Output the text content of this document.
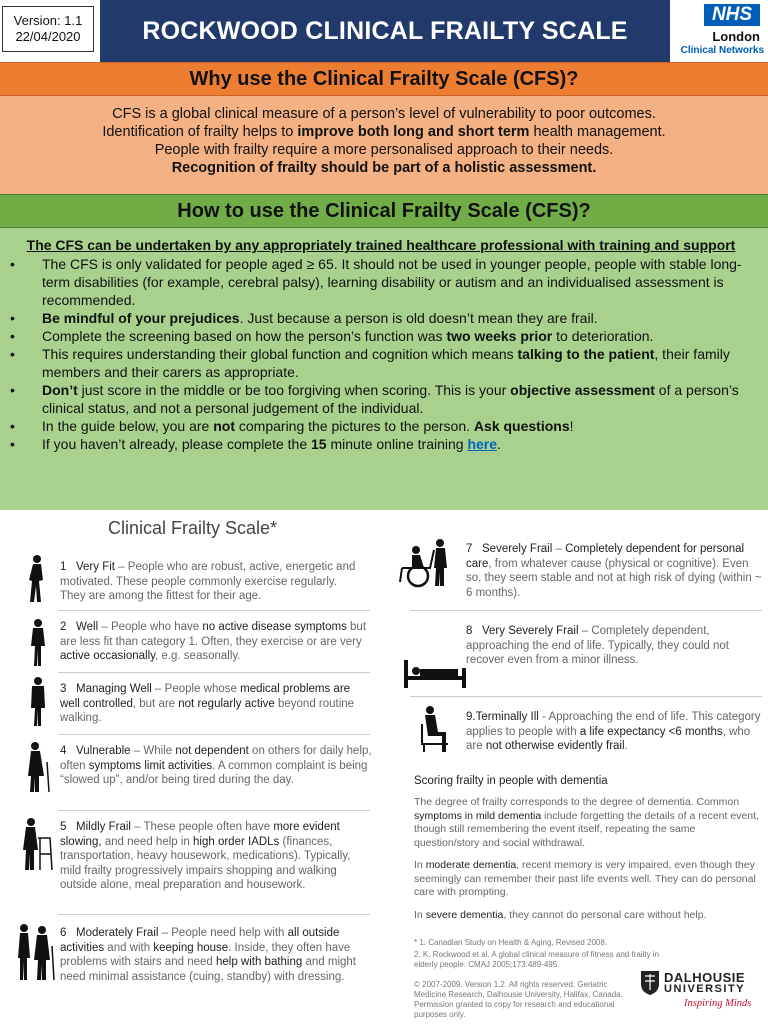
Version: 1.1
22/04/2020	ROCKWOOD CLINICAL FRAILTY SCALE
NHS
London
Clinical Networks
Why use the Clinical Frailty Scale (CFS)?
CFS is a global clinical measure of a person’s level of vulnerability to poor outcomes.
Identification of frailty helps to improve both long and short term health management.
People with frailty require a more personalised approach to their needs.
Recognition of frailty should be part of a holistic assessment.
How to use the Clinical Frailty Scale (CFS)?
The CFS can be undertaken by any appropriately trained healthcare professional with training and support
• The CFS is only validated for people aged ≥ 65. It should not be used in younger people, people with stable long-term disabilities (for example, cerebral palsy), learning disability or autism and an individualised assessment is recommended.
• Be mindful of your prejudices. Just because a person is old doesn’t mean they are frail.
• Complete the screening based on how the person’s function was two weeks prior to deterioration.
• This requires understanding their global function and cognition which means talking to the patient, their family members and their carers as appropriate.
• Don’t just score in the middle or be too forgiving when scoring. This is your objective assessment of a person’s clinical status, and not a personal judgement of the individual.
• In the guide below, you are not comparing the pictures to the person. Ask questions!
• If you haven’t already, please complete the 15 minute online training here.
Clinical Frailty Scale*
1 Very Fit – People who are robust, active, energetic and motivated. These people commonly exercise regularly. They are among the fittest for their age.
2 Well – People who have no active disease symptoms but are less fit than category 1. Often, they exercise or are very active occasionally, e.g. seasonally.
3 Managing Well – People whose medical problems are well controlled, but are not regularly active beyond routine walking.
4 Vulnerable – While not dependent on others for daily help, often symptoms limit activities. A common complaint is being “slowed up”, and/or being tired during the day.
5 Mildly Frail – These people often have more evident slowing, and need help in high order IADLs (finances, transportation, heavy housework, medications). Typically, mild frailty progressively impairs shopping and walking outside alone, meal preparation and housework.
6 Moderately Frail – People need help with all outside activities and with keeping house. Inside, they often have problems with stairs and need help with bathing and might need minimal assistance (cuing, standby) with dressing.
7 Severely Frail – Completely dependent for personal care, from whatever cause (physical or cognitive). Even so, they seem stable and not at high risk of dying (within ~ 6 months).
8 Very Severely Frail – Completely dependent, approaching the end of life. Typically, they could not recover even from a minor illness.
9.Terminally Ill - Approaching the end of life. This category applies to people with a life expectancy <6 months, who are not otherwise evidently frail.
Scoring frailty in people with dementia
The degree of frailty corresponds to the degree of dementia. Common symptoms in mild dementia include forgetting the details of a recent event, though still remembering the event itself, repeating the same question/story and social withdrawal.
In moderate dementia, recent memory is very impaired, even though they seemingly can remember their past life events well. They can do personal care with prompting.
In severe dementia, they cannot do personal care without help.
* 1. Canadian Study on Health & Aging, Revised 2008.
2. K. Rockwood et al. A global clinical measure of fitness and frailty in elderly people. CMAJ 2005;173:489-495.
© 2007-2009. Version 1.2. All rights reserved. Geriatric Medicine Research, Dalhousie University, Halifax, Canada. Permission granted to copy for research and educational purposes only.
DALHOUSIE
UNIVERSITY
Inspiring Minds
